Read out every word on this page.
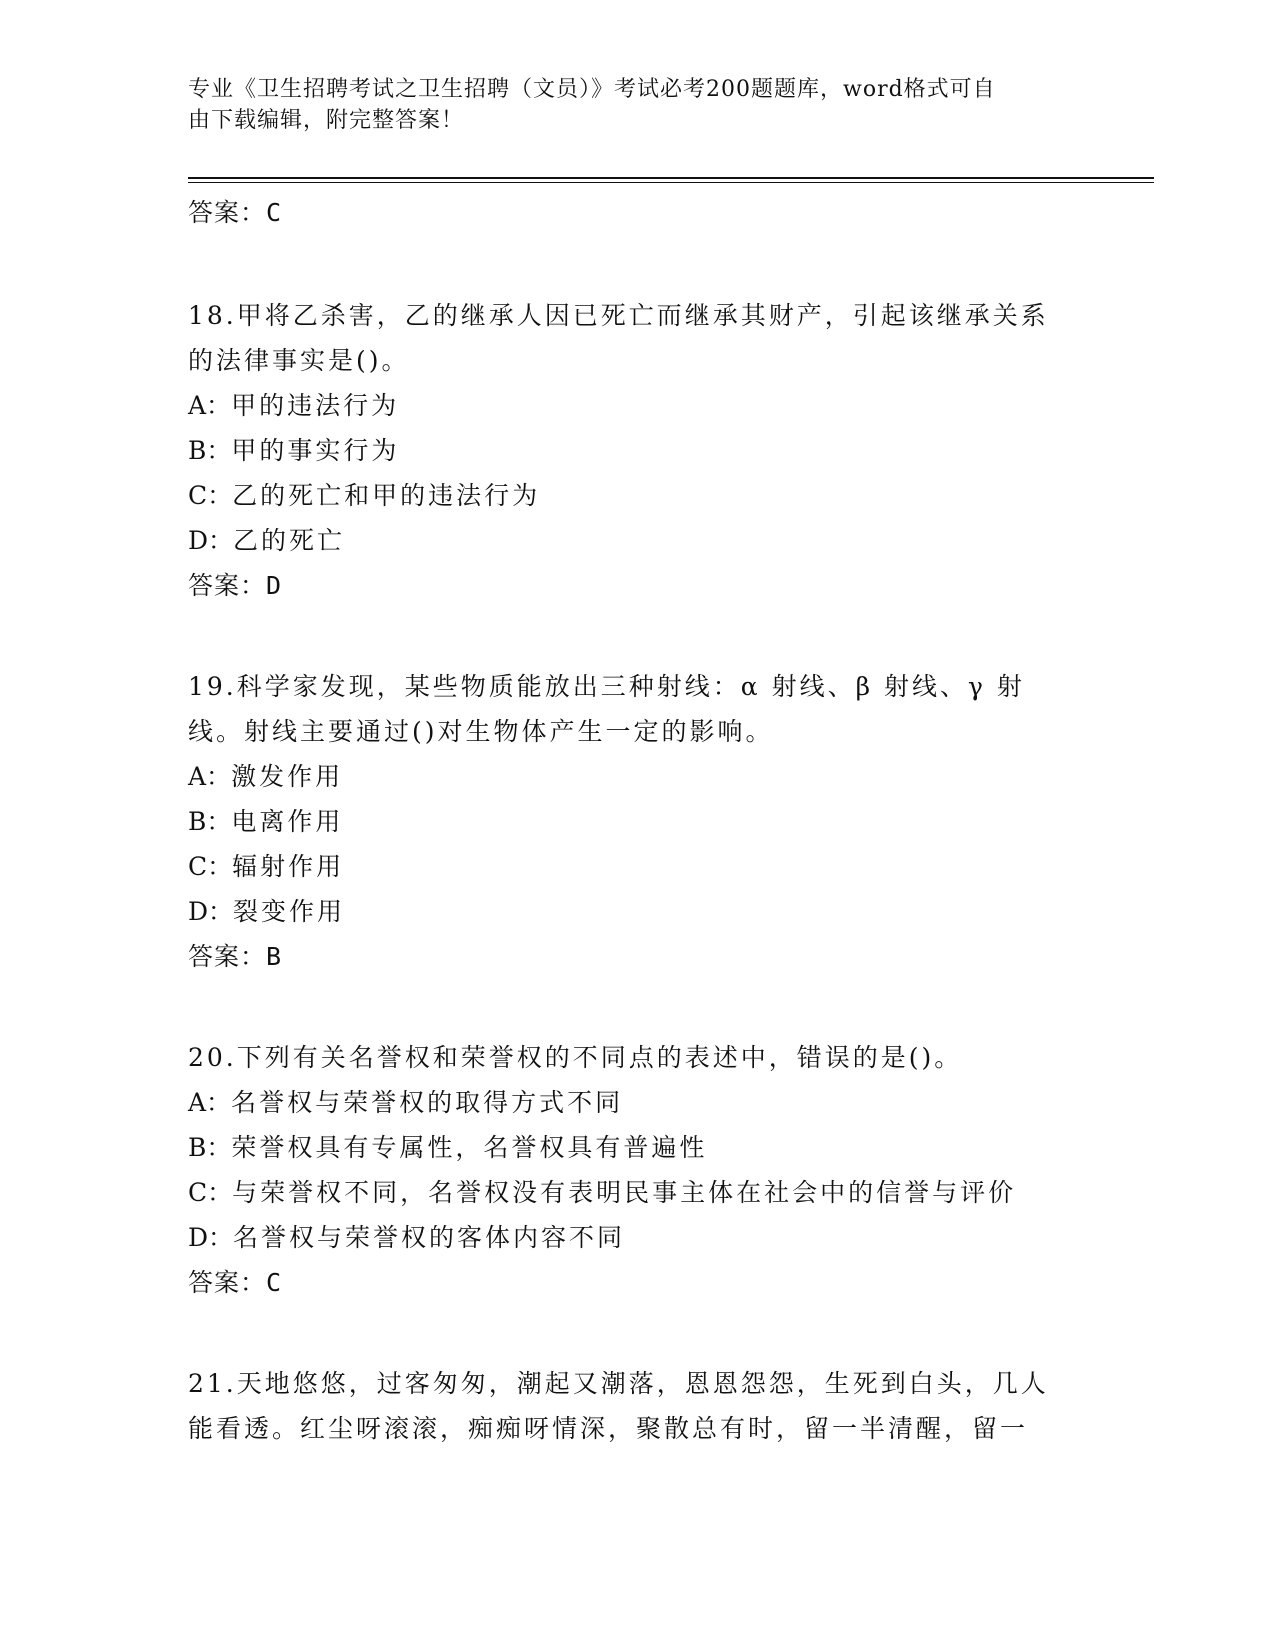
专业《卫生招聘考试之卫生招聘（文员）》考试必考200题题库，word格式可自
由下载编辑，附完整答案！
答案：C
18.甲将乙杀害，乙的继承人因已死亡而继承其财产，引起该继承关系
的法律事实是()。
A：甲的违法行为
B：甲的事实行为
C：乙的死亡和甲的违法行为
D：乙的死亡
答案：D
19.科学家发现，某些物质能放出三种射线：α 射线、β 射线、γ 射
线。射线主要通过()对生物体产生一定的影响。
A：激发作用
B：电离作用
C：辐射作用
D：裂变作用
答案：B
20.下列有关名誉权和荣誉权的不同点的表述中，错误的是()。
A：名誉权与荣誉权的取得方式不同
B：荣誉权具有专属性，名誉权具有普遍性
C：与荣誉权不同，名誉权没有表明民事主体在社会中的信誉与评价
D：名誉权与荣誉权的客体内容不同
答案：C
21.天地悠悠，过客匆匆，潮起又潮落，恩恩怨怨，生死到白头，几人
能看透。红尘呀滚滚，痴痴呀情深，聚散总有时，留一半清醒，留一
